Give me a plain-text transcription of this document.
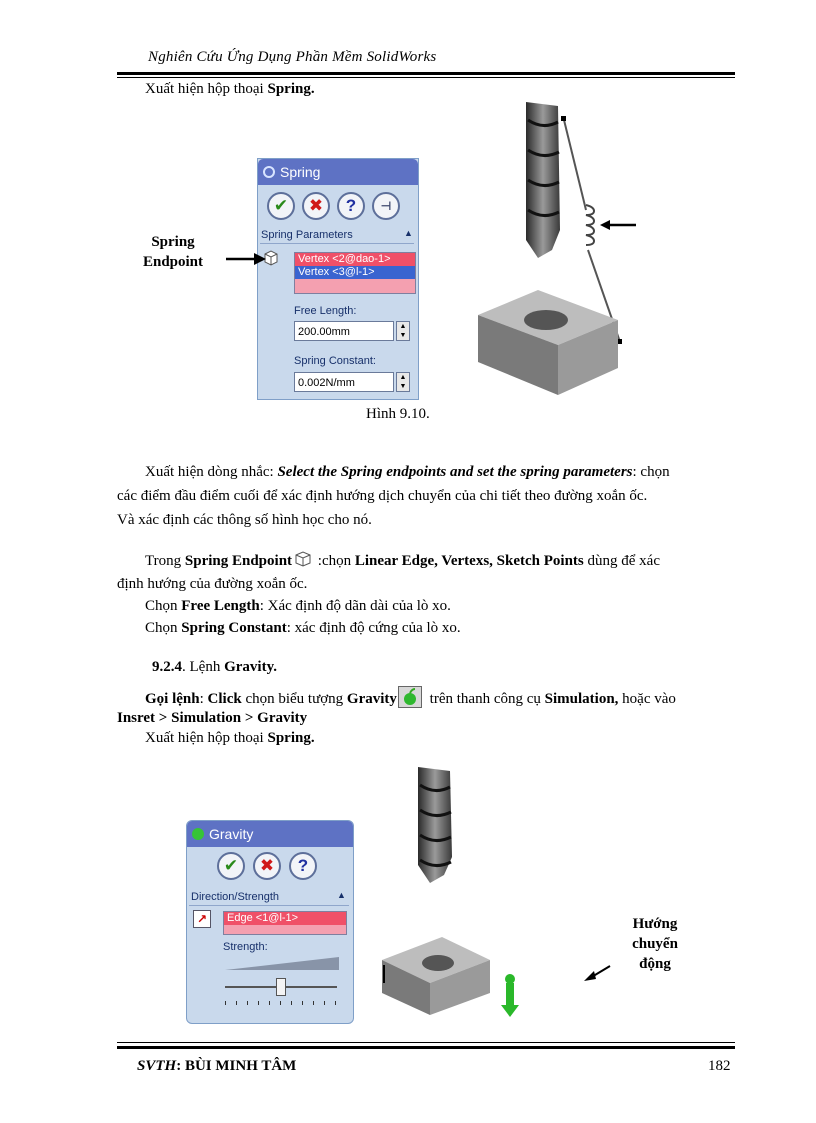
Nghiên Cứu Ứng Dụng Phần Mềm SolidWorks
Xuất hiện hộp thoại Spring.
Spring
✔	✖	?	⊣
Spring Parameters	▲
Vertex <2@dao-1>
Vertex <3@l-1>
Free Length:
200.00mm	▲
▼
Spring Constant:
0.002N/mm	▲
▼
Spring
Endpoint
Hình 9.10.
Xuất hiện dòng nhắc: Select the Spring endpoints and set the spring parameters: chọn
các điểm đầu điểm cuối để xác định hướng dịch chuyển của chi tiết theo đường xoắn ốc.
Và xác định các thông số hình học cho nó.
Trong Spring Endpoint :chọn Linear Edge, Vertexs, Sketch Points dùng để xác
định hướng của đường xoắn ốc.
Chọn Free Length: Xác định độ dãn dài của lò xo.
Chọn Spring Constant: xác định độ cứng của lò xo.
9.2.4. Lệnh Gravity.
Gọi lệnh: Click chọn biểu tượng Gravity trên thanh công cụ Simulation, hoặc vào
Insret > Simulation > Gravity
Xuất hiện hộp thoại Spring.
Gravity
✔	✖	?
Direction/Strength	▲
↗	Edge <1@l-1>
Strength:
Hướng
chuyển
động
SVTH: BÙI MINH TÂM	182
